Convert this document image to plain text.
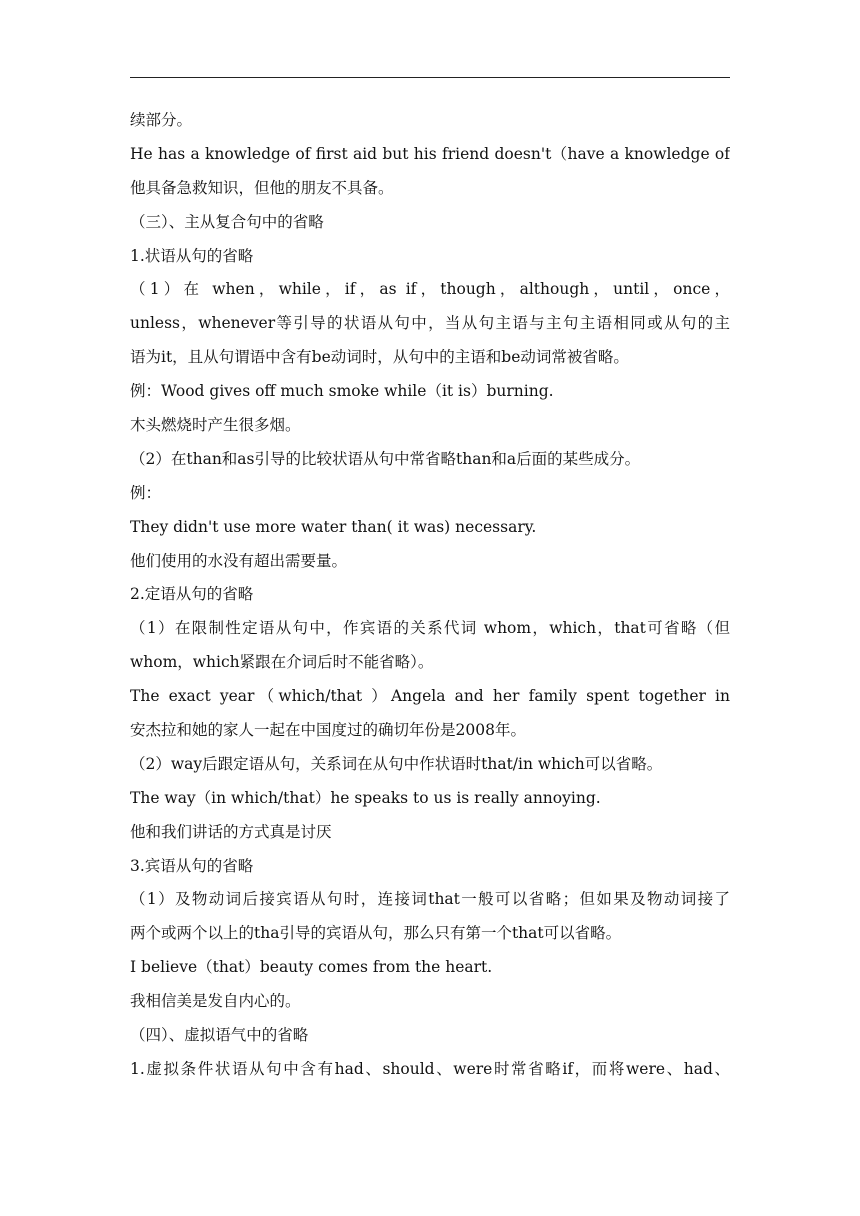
续部分。
He has a knowledge of first aid but his friend doesn't（have a knowledge of
他具备急救知识，但他的朋友不具备。
（三）、主从复合句中的省略
1.状语从句的省略
（1）在 when，while，if，as if，though，although，until，once，
unless，whenever等引导的状语从句中，当从句主语与主句主语相同或从句的主
语为it，且从句谓语中含有be动词时，从句中的主语和be动词常被省略。
例：Wood gives off much smoke while（it is）burning.
木头燃烧时产生很多烟。
（2）在than和as引导的比较状语从句中常省略than和a后面的某些成分。
例：
They didn't use more water than( it was) necessary.
他们使用的水没有超出需要量。
2.定语从句的省略
（1）在限制性定语从句中，作宾语的关系代词 whom，which，that可省略（但
whom，which紧跟在介词后时不能省略）。
The exact year（which/that ）Angela and her family spent together in
安杰拉和她的家人一起在中国度过的确切年份是2008年。
（2）way后跟定语从句，关系词在从句中作状语时that/in which可以省略。
The way（in which/that）he speaks to us is really annoying.
他和我们讲话的方式真是讨厌
3.宾语从句的省略
（1）及物动词后接宾语从句时，连接词that一般可以省略；但如果及物动词接了
两个或两个以上的tha引导的宾语从句，那么只有第一个that可以省略。
I believe（that）beauty comes from the heart.
我相信美是发自内心的。
（四）、虚拟语气中的省略
1.虚拟条件状语从句中含有had、should、were时常省略if，而将were、had、
